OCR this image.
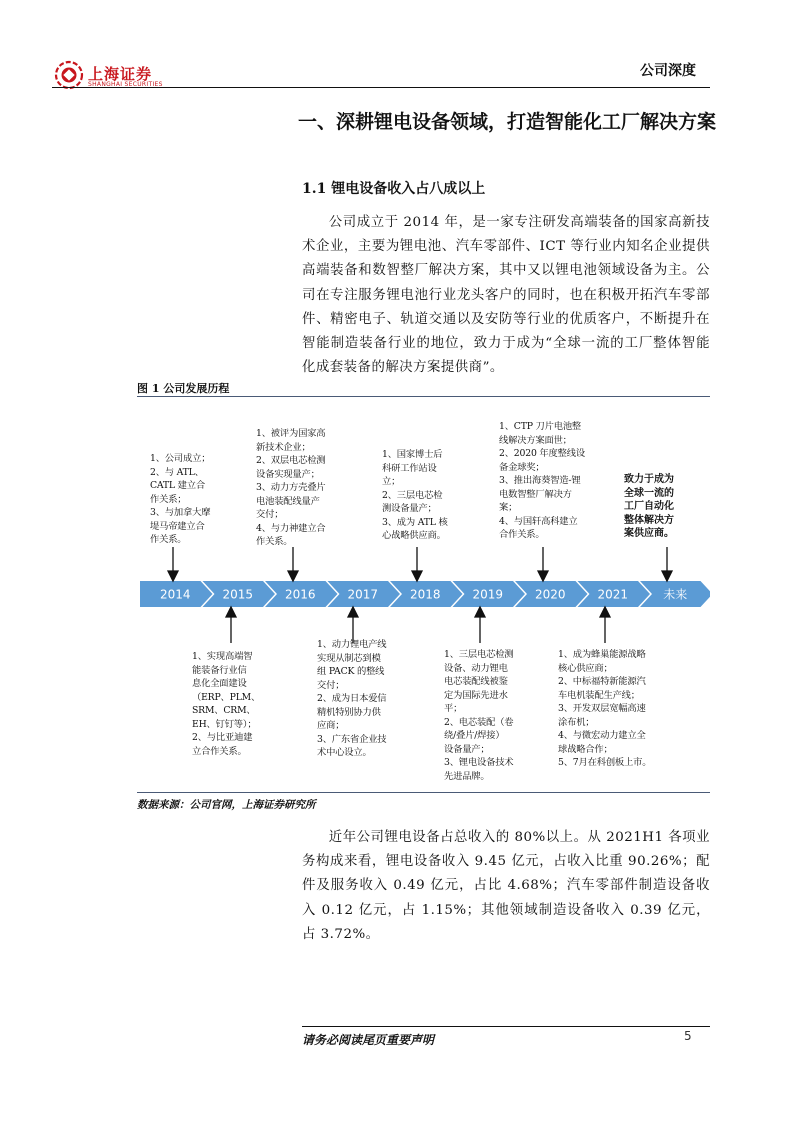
上海证券
SHANGHAI SECURITIES
公司深度
一、深耕锂电设备领域，打造智能化工厂解决方案
1.1 锂电设备收入占八成以上
公司成立于 2014 年，是一家专注研发高端装备的国家高新技术企业，主要为锂电池、汽车零部件、ICT 等行业内知名企业提供高端装备和数智整厂解决方案，其中又以锂电池领域设备为主。公司在专注服务锂电池行业龙头客户的同时，也在积极开拓汽车零部件、精密电子、轨道交通以及安防等行业的优质客户，不断提升在智能制造装备行业的地位，致力于成为“全球一流的工厂整体智能化成套装备的解决方案提供商”。
图 1 公司发展历程
2014	2015	2016	2017	2018	2019	2020	2021	未来
1、公司成立；
2、与 ATL、
CATL 建立合
作关系；
3、与加拿大摩
堤马帝建立合
作关系。
1、被评为国家高
新技术企业；
2、双层电芯检测
设备实现量产；
3、动力方壳叠片
电池装配线量产
交付；
4、与力神建立合
作关系。
1、国家博士后
科研工作站设
立；
2、三层电芯检
测设备量产；
3、成为 ATL 核
心战略供应商。
1、CTP 刀片电池整
线解决方案面世；
2、2020 年度整线设
备金球奖；
3、推出海葵智造-锂
电数智整厂解决方
案；
4、与国轩高科建立
合作关系。
致力于成为
全球一流的
工厂自动化
整体解决方
案供应商。
1、实现高端智
能装备行业信
息化全面建设
（ERP、PLM、
SRM、CRM、
EH、钉钉等）；
2、与比亚迪建
立合作关系。
1、动力锂电产线
实现从制芯到模
组 PACK 的整线
交付；
2、成为日本爱信
精机特别协力供
应商；
3、广东省企业技
术中心设立。
1、三层电芯检测
设备、动力锂电
电芯装配线被鉴
定为国际先进水
平；
2、电芯装配（卷
绕/叠片/焊接）
设备量产；
3、锂电设备技术
先进品牌。
1、成为蜂巢能源战略
核心供应商；
2、中标福特新能源汽
车电机装配生产线；
3、开发双层宽幅高速
涂布机；
4、与微宏动力建立全
球战略合作；
5、7月在科创板上市。
数据来源：公司官网，上海证券研究所
近年公司锂电设备占总收入的 80%以上。从 2021H1 各项业务构成来看，锂电设备收入 9.45 亿元，占收入比重 90.26%；配件及服务收入 0.49 亿元，占比 4.68%；汽车零部件制造设备收入 0.12 亿元，占 1.15%；其他领域制造设备收入 0.39 亿元，占 3.72%。
请务必阅读尾页重要声明	5
